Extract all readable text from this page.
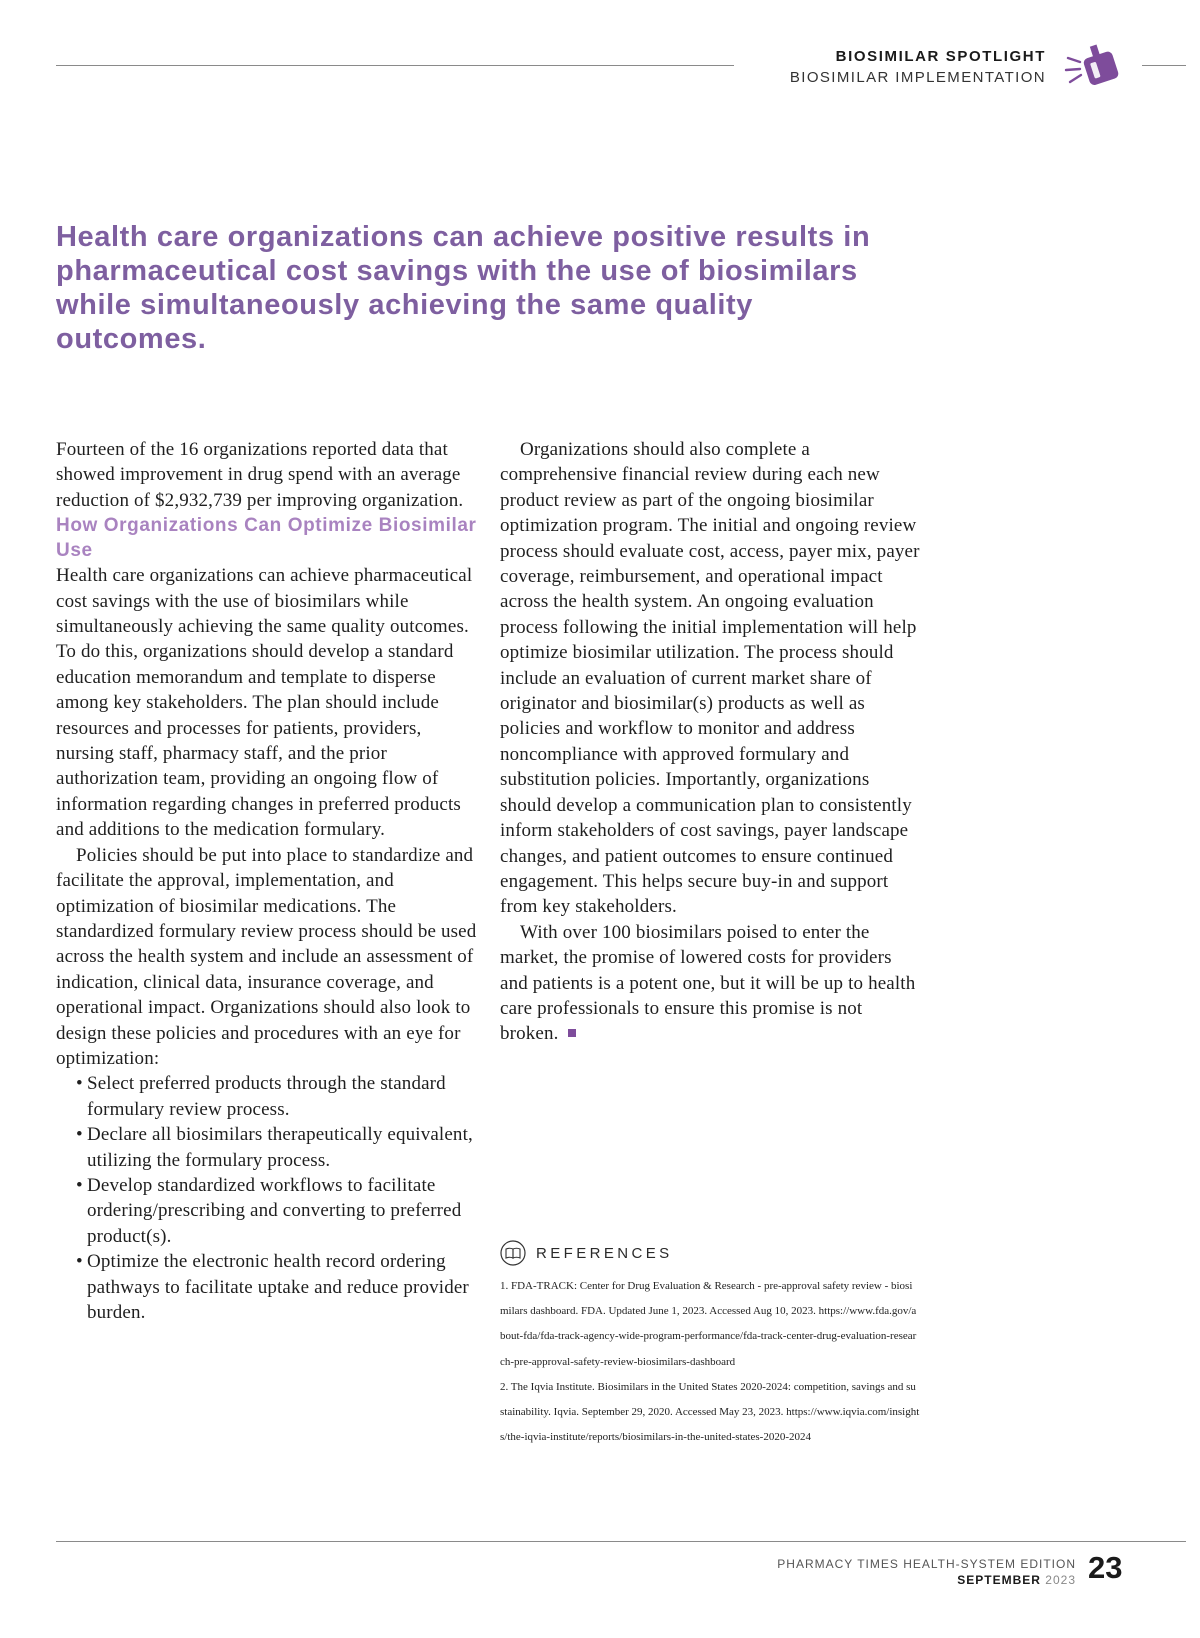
BIOSIMILAR SPOTLIGHT
BIOSIMILAR IMPLEMENTATION
Health care organizations can achieve positive results in pharmaceutical cost savings with the use of biosimilars while simultaneously achieving the same quality outcomes.

Fourteen of the 16 organizations reported data that showed improvement in drug spend with an average reduction of $2,932,739 per improving organization.

How Organizations Can Optimize Biosimilar Use

Health care organizations can achieve pharmaceutical cost savings with the use of biosimilars while simultaneously achieving the same quality outcomes. To do this, organizations should develop a standard education memorandum and template to disperse among key stakeholders. The plan should include resources and processes for patients, providers, nursing staff, pharmacy staff, and the prior authorization team, providing an ongoing flow of information regarding changes in preferred products and additions to the medication formulary.

Policies should be put into place to standardize and facilitate the approval, implementation, and optimization of biosimilar medications. The standardized formulary review process should be used across the health system and include an assessment of indication, clinical data, insurance coverage, and operational impact. Organizations should also look to design these policies and procedures with an eye for optimization:

• Select preferred products through the standard formulary review process.
• Declare all biosimilars therapeutically equivalent, utilizing the formulary process.
• Develop standardized workflows to facilitate ordering/prescribing and converting to preferred product(s).
• Optimize the electronic health record ordering pathways to facilitate uptake and reduce provider burden.

Organizations should also complete a comprehensive financial review during each new product review as part of the ongoing biosimilar optimization program. The initial and ongoing review process should evaluate cost, access, payer mix, payer coverage, reimbursement, and operational impact across the health system. An ongoing evaluation process following the initial implementation will help optimize biosimilar utilization. The process should include an evaluation of current market share of originator and biosimilar(s) products as well as policies and workflow to monitor and address noncompliance with approved formulary and substitution policies. Importantly, organizations should develop a communication plan to consistently inform stakeholders of cost savings, payer landscape changes, and patient outcomes to ensure continued engagement. This helps secure buy-in and support from key stakeholders.

With over 100 biosimilars poised to enter the market, the promise of lowered costs for providers and patients is a potent one, but it will be up to health care professionals to ensure this promise is not broken.

REFERENCES
1. FDA-TRACK: Center for Drug Evaluation & Research - pre-approval safety review - biosimilars dashboard. FDA. Updated June 1, 2023. Accessed Aug 10, 2023. https://www.fda.gov/about-fda/fda-track-agency-wide-program-performance/fda-track-center-drug-evaluation-research-pre-approval-safety-review-biosimilars-dashboard
2. The Iqvia Institute. Biosimilars in the United States 2020-2024: competition, savings and sustainability. Iqvia. September 29, 2020. Accessed May 23, 2023. https://www.iqvia.com/insights/the-iqvia-institute/reports/biosimilars-in-the-united-states-2020-2024
PHARMACY TIMES HEALTH-SYSTEM EDITION
SEPTEMBER 2023 23
